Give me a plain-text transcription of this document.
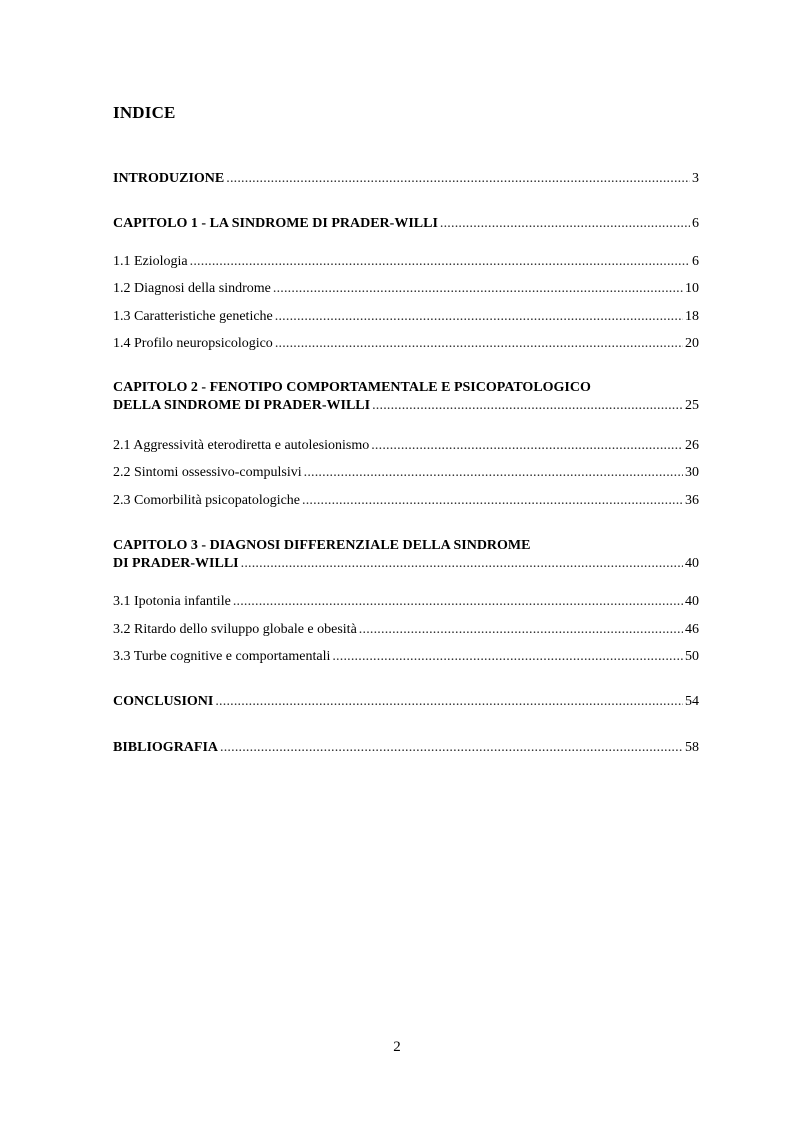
INDICE
INTRODUZIONE .....	3
CAPITOLO 1 - LA SINDROME DI PRADER-WILLI .....	6
1.1 Eziologia .....	6
1.2 Diagnosi della sindrome .....	10
1.3 Caratteristiche genetiche .....	18
1.4 Profilo neuropsicologico .....	20
CAPITOLO 2 - FENOTIPO COMPORTAMENTALE E PSICOPATOLOGICO
DELLA SINDROME DI PRADER-WILLI .....	25
2.1 Aggressività eterodiretta e autolesionismo .....	26
2.2 Sintomi ossessivo-compulsivi .....	30
2.3 Comorbilità psicopatologiche .....	36
CAPITOLO 3 - DIAGNOSI DIFFERENZIALE DELLA SINDROME
DI PRADER-WILLI .....	40
3.1 Ipotonia infantile .....	40
3.2 Ritardo dello sviluppo globale e obesità .....	46
3.3 Turbe cognitive e comportamentali .....	50
CONCLUSIONI .....	54
BIBLIOGRAFIA .....	58
2
